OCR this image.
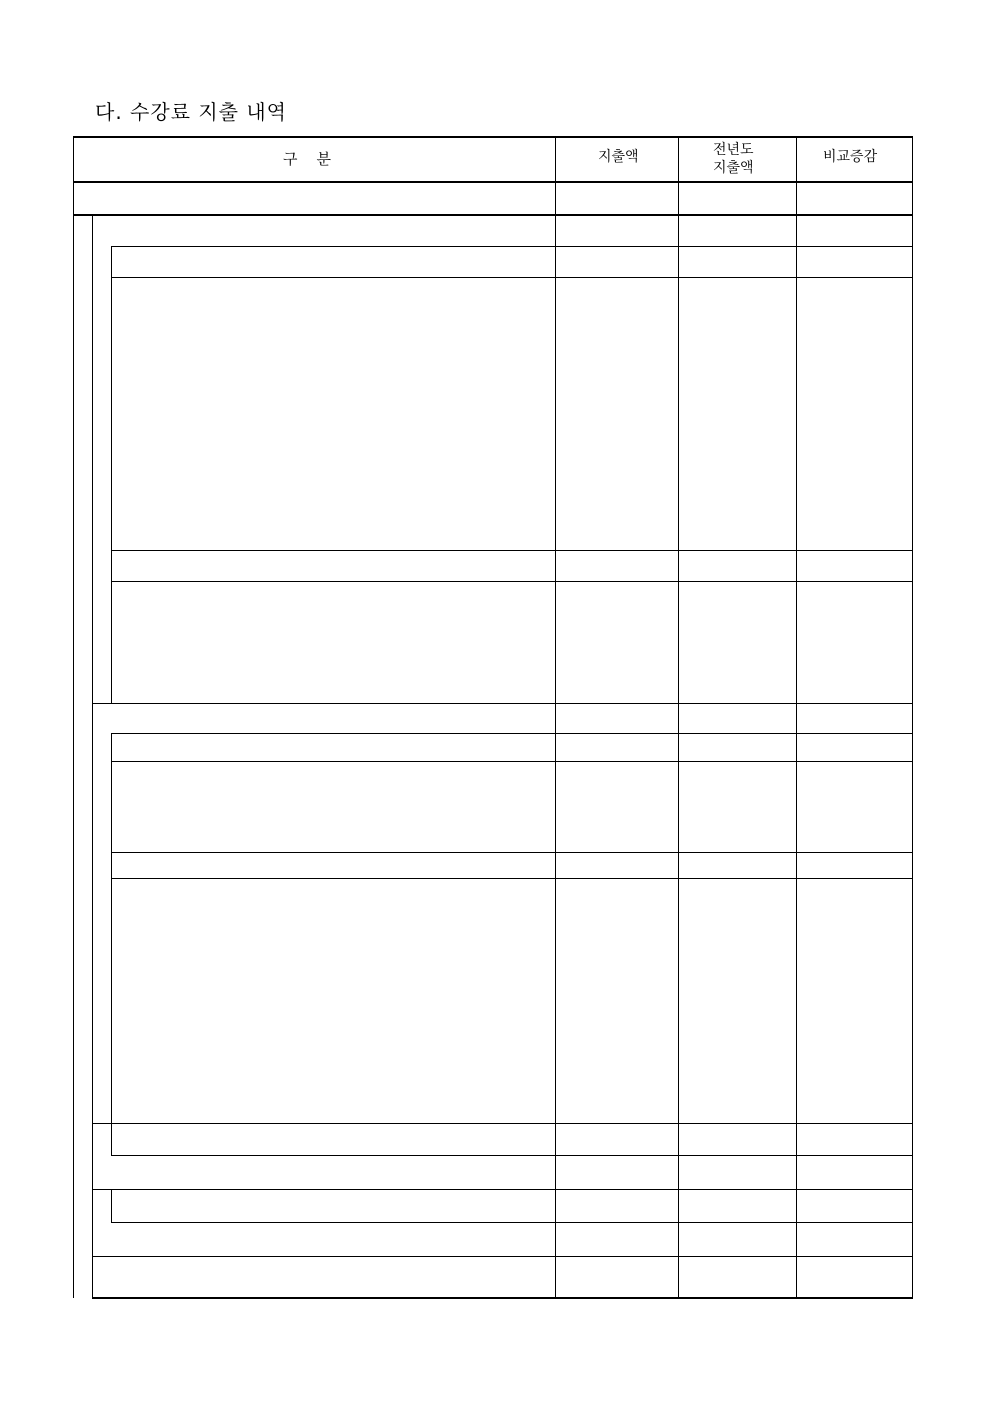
다. 수강료 지출 내역
구    분	지출액	전년도
지출액
비교증감
